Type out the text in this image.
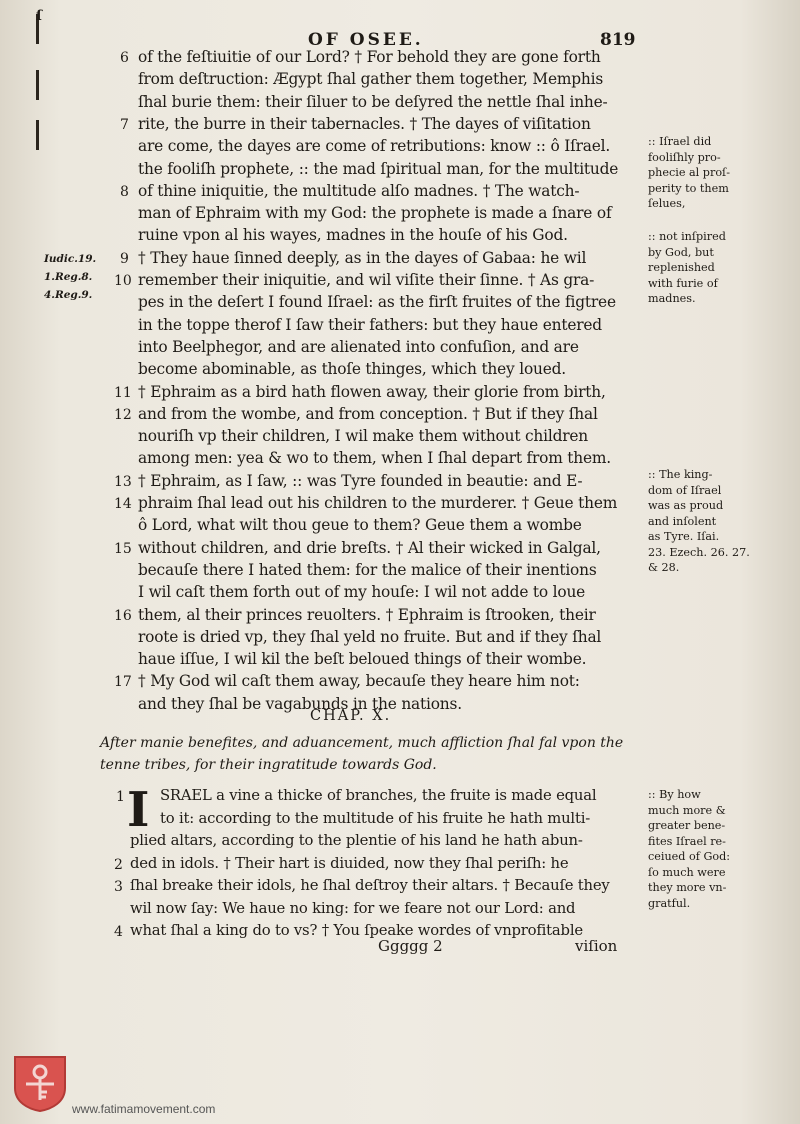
OF OSEE.	819
ſ
6 of the feſtiuitie of our Lord? † For behold they are gone forth
from deſtruction: Ægypt ſhal gather them together, Memphis
ſhal burie them: their ſiluer to be deſyred the nettle ſhal inhe-
7 rite, the burre in their tabernacles. † The dayes of viſitation
are come, the dayes are come of retributions: know :: ô Iſrael.
the fooliſh prophete, :: the mad ſpiritual man, for the multitude
8 of thine iniquitie, the multitude alſo madnes. † The watch-
man of Ephraim with my God: the prophete is made a ſnare of
ruine vpon al his wayes, madnes in the houſe of his God.
9 † They haue ſinned deeply, as in the dayes of Gabaa: he wil
10 remember their iniquitie, and wil viſite their ſinne. † As gra-
pes in the deſert I found Iſrael: as the firſt fruites of the figtree
in the toppe therof I ſaw their fathers: but they haue entered
into Beelphegor, and are alienated into confuſion, and are
become abominable, as thoſe thinges, which they loued.
11 † Ephraim as a bird hath flowen away, their glorie from birth,
12 and from the wombe, and from conception. † But if they ſhal
nouriſh vp their children, I wil make them without children
among men: yea & wo to them, when I ſhal depart from them.
13 † Ephraim, as I ſaw, :: was Tyre founded in beautie: and E-
14 phraim ſhal lead out his children to the murderer. † Geue them
ô Lord, what wilt thou geue to them? Geue them a wombe
15 without children, and drie breſts. † Al their wicked in Galgal,
becauſe there I hated them: for the malice of their inentions
I wil caſt them forth out of my houſe: I wil not adde to loue
16 them, al their princes reuolters. † Ephraim is ſtrooken, their
roote is dried vp, they ſhal yeld no fruite. But and if they ſhal
haue iſſue, I wil kil the beſt beloued things of their wombe.
17 † My God wil caſt them away, becauſe they heare him not:
and they ſhal be vagabunds in the nations.
Iudic.19.
1.Reg.8.
4.Reg.9.
:: Iſrael did
fooliſhly pro-
phecie al proſ-
perity to them
ſelues,
:: not inſpired
by God, but
replenished
with furie of
madnes.
:: The king-
dom of Iſrael
was as proud
and inſolent
as Tyre. Iſai.
23. Ezech. 26. 27.
& 28.
:: By how
much more &
greater bene-
fites Iſrael re-
ceiued of God:
ſo much were
they more vn-
gratful.
CHAP. X.
After manie benefites, and aduancement, much affliction ſhal fal vpon the tenne tribes, for their ingratitude towards God.
I
1 SRAEL a vine a thicke of branches, the fruite is made equal
to it: according to the multitude of his fruite he hath multi-
plied altars, according to the plentie of his land he hath abun-
2 ded in idols. † Their hart is diuided, now they ſhal periſh: he
3 ſhal breake their idols, he ſhal deſtroy their altars. † Becauſe they
wil now ſay: We haue no king: for we feare not our Lord: and
4 what ſhal a king do to vs? † You ſpeake wordes of vnprofitable
Ggggg 2	viſion
www.fatimamovement.com
